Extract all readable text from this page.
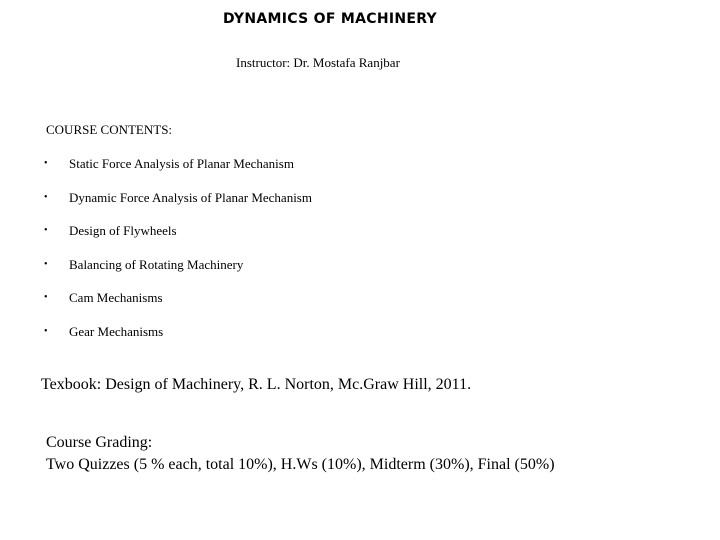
DYNAMICS OF MACHINERY
Instructor: Dr. Mostafa Ranjbar
COURSE CONTENTS:
• Static Force Analysis of Planar Mechanism
• Dynamic Force Analysis of Planar Mechanism
• Design of Flywheels
• Balancing of Rotating Machinery
• Cam Mechanisms
• Gear Mechanisms
Texbook: Design of Machinery, R. L. Norton, Mc.Graw Hill, 2011.
Course Grading:
Two Quizzes (5 % each, total 10%), H.Ws (10%), Midterm (30%), Final (50%)
